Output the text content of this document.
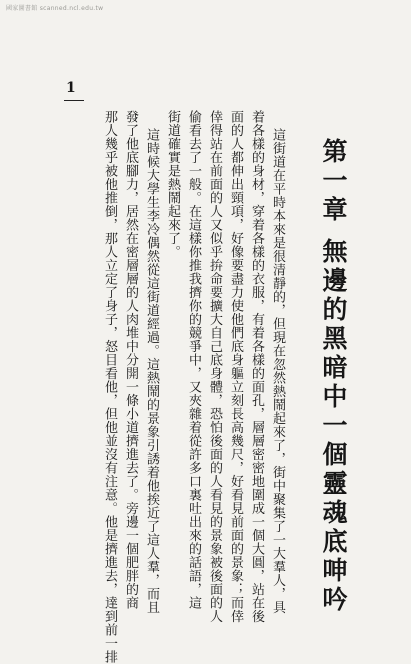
國家圖書館 scanned.ncl.edu.tw
1
第一章
無邊的黑暗中一個靈魂底呻吟
這街道在平時本來是很清靜的，但現在忽然熱鬧起來了，街中聚集了一大羣人，具
着各樣的身材，穿着各樣的衣服，有着各樣的面孔，層層密密地圍成一個大圓，站在後
面的人都伸出頸項，好像要盡力使他們底身軀立刻長高幾尺，好看見前面的景象；而倖
倖得站在前面的人又似乎拚命要擴大自己底身體，恐怕後面的人看見的景象被後面的人
偷看去了一般。在這樣你推我擠你的競爭中，又夾雜着從許多口裏吐出來的話語，這
街道確實是熱鬧起來了。
這時候大學生李冷偶然從這街道經過。這熱鬧的景象引誘着他挨近了這人羣，而且
發了他底腳力，居然在密層層的人肉堆中分開一條小道擠進去了。旁邊一個肥胖的商
那人幾乎被他推倒，那人立定了身子，怒目看他，但他並沒有注意。他是擠進去，達到前一排
